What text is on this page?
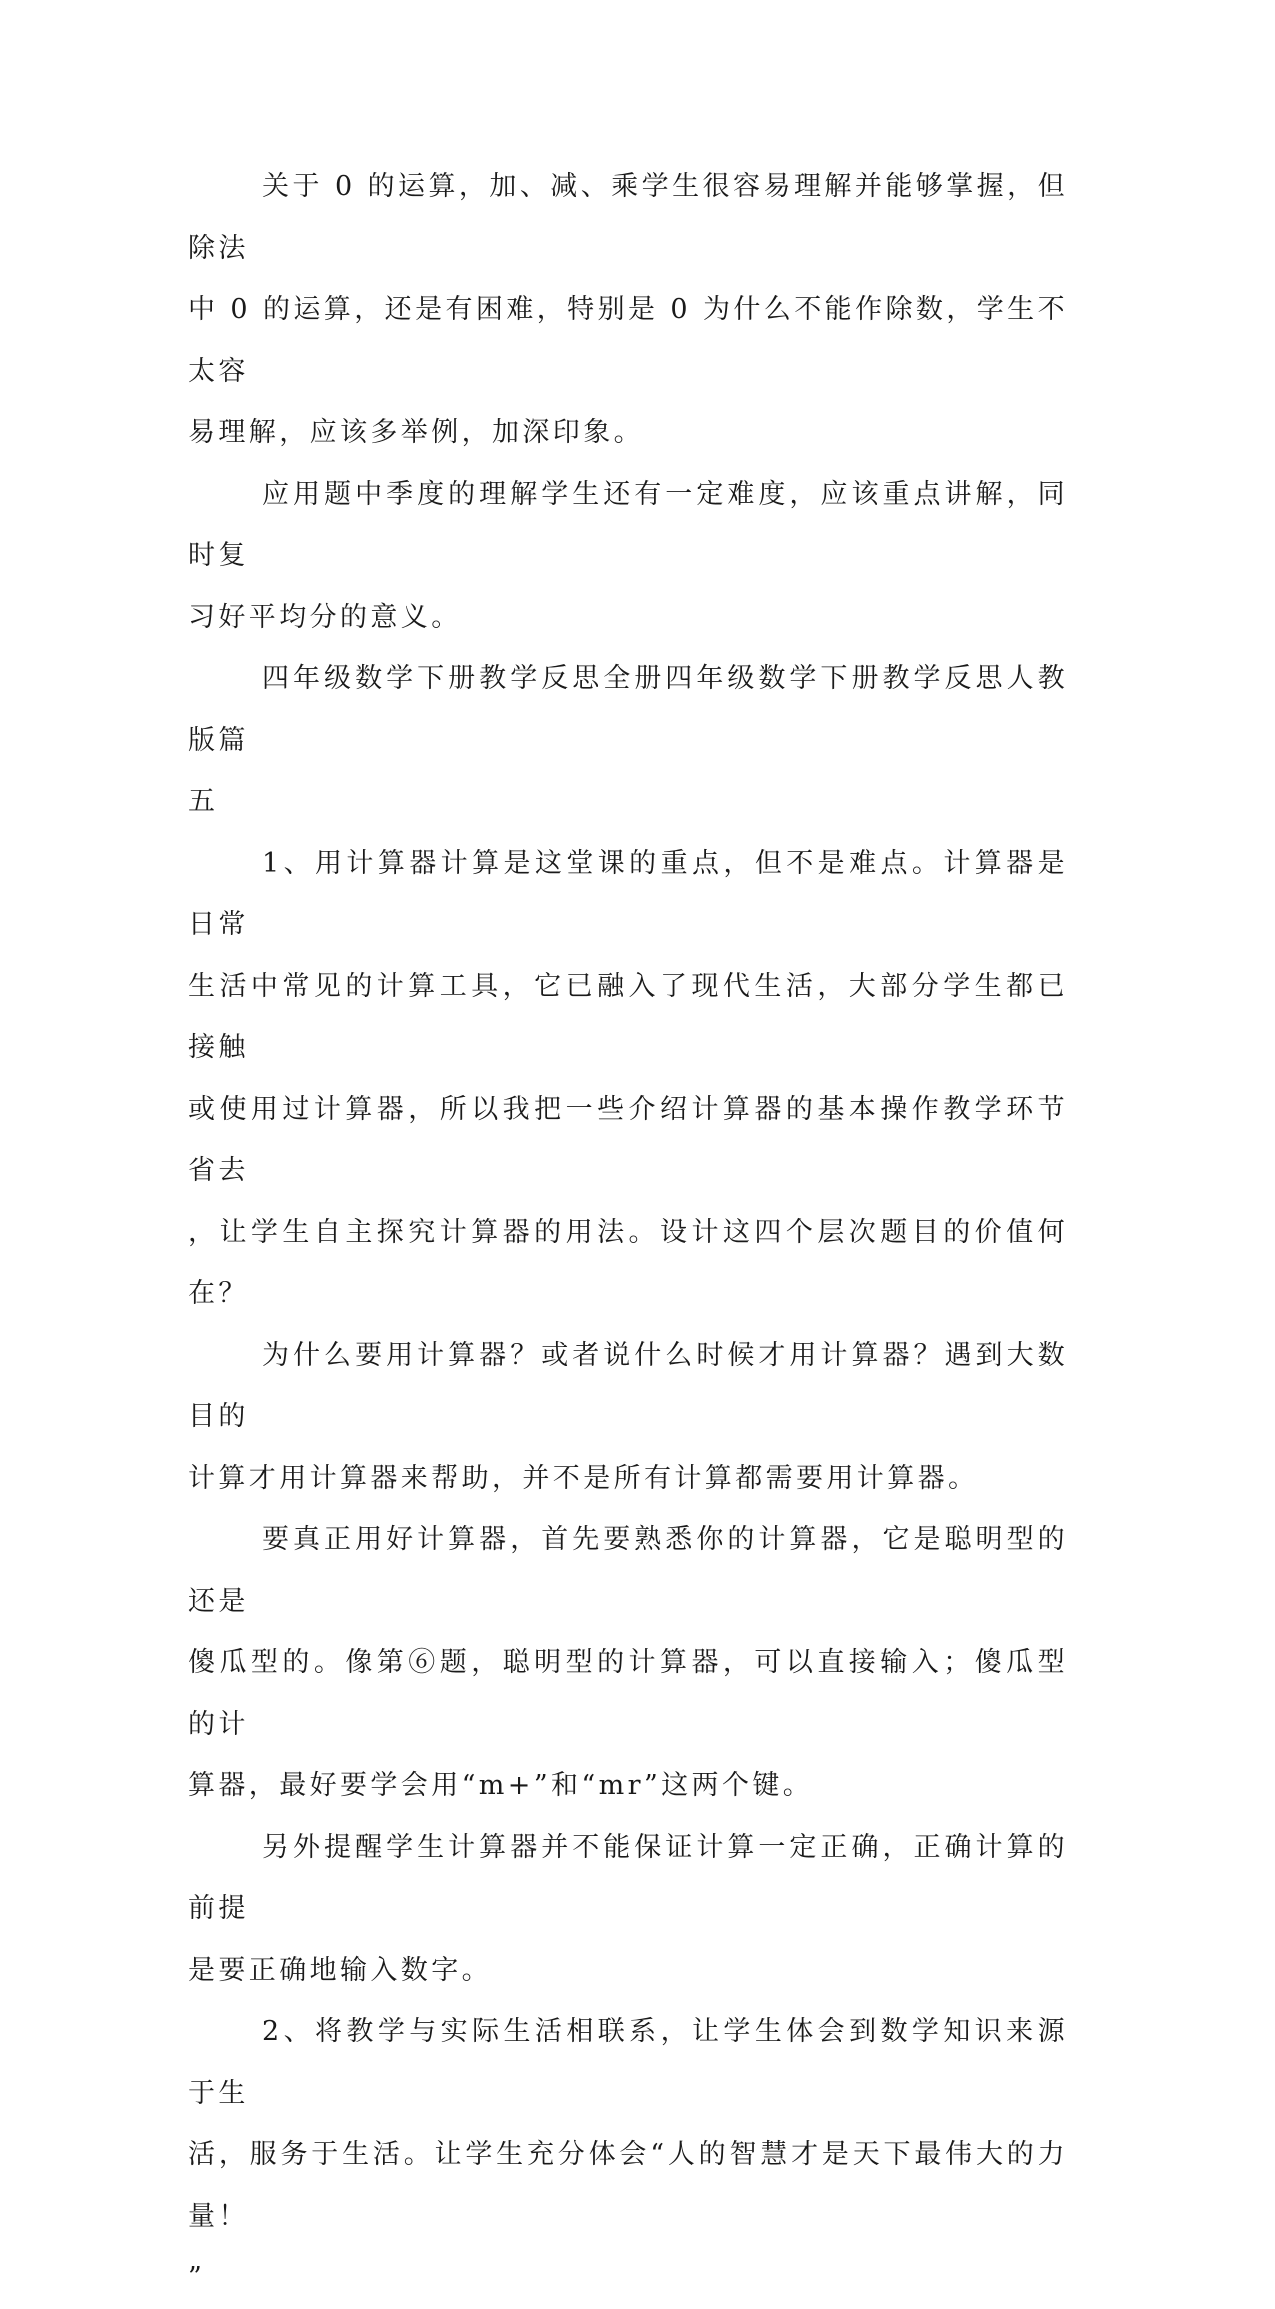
关于 0 的运算，加、减、乘学生很容易理解并能够掌握，但除法
中 0 的运算，还是有困难，特别是 0 为什么不能作除数，学生不太容
易理解，应该多举例，加深印象。

应用题中季度的理解学生还有一定难度，应该重点讲解，同时复
习好平均分的意义。

四年级数学下册教学反思全册四年级数学下册教学反思人教版篇
五

1、用计算器计算是这堂课的重点，但不是难点。计算器是日常
生活中常见的计算工具，它已融入了现代生活，大部分学生都已接触
或使用过计算器，所以我把一些介绍计算器的基本操作教学环节省去
，让学生自主探究计算器的用法。设计这四个层次题目的价值何在？

为什么要用计算器？或者说什么时候才用计算器？遇到大数目的
计算才用计算器来帮助，并不是所有计算都需要用计算器。

要真正用好计算器，首先要熟悉你的计算器，它是聪明型的还是
傻瓜型的。像第⑥题，聪明型的计算器，可以直接输入；傻瓜型的计
算器，最好要学会用“m+”和“mr”这两个键。

另外提醒学生计算器并不能保证计算一定正确，正确计算的前提
是要正确地输入数字。

2、将教学与实际生活相联系，让学生体会到数学知识来源于生
活，服务于生活。让学生充分体会“人的智慧才是天下最伟大的力量！
”
